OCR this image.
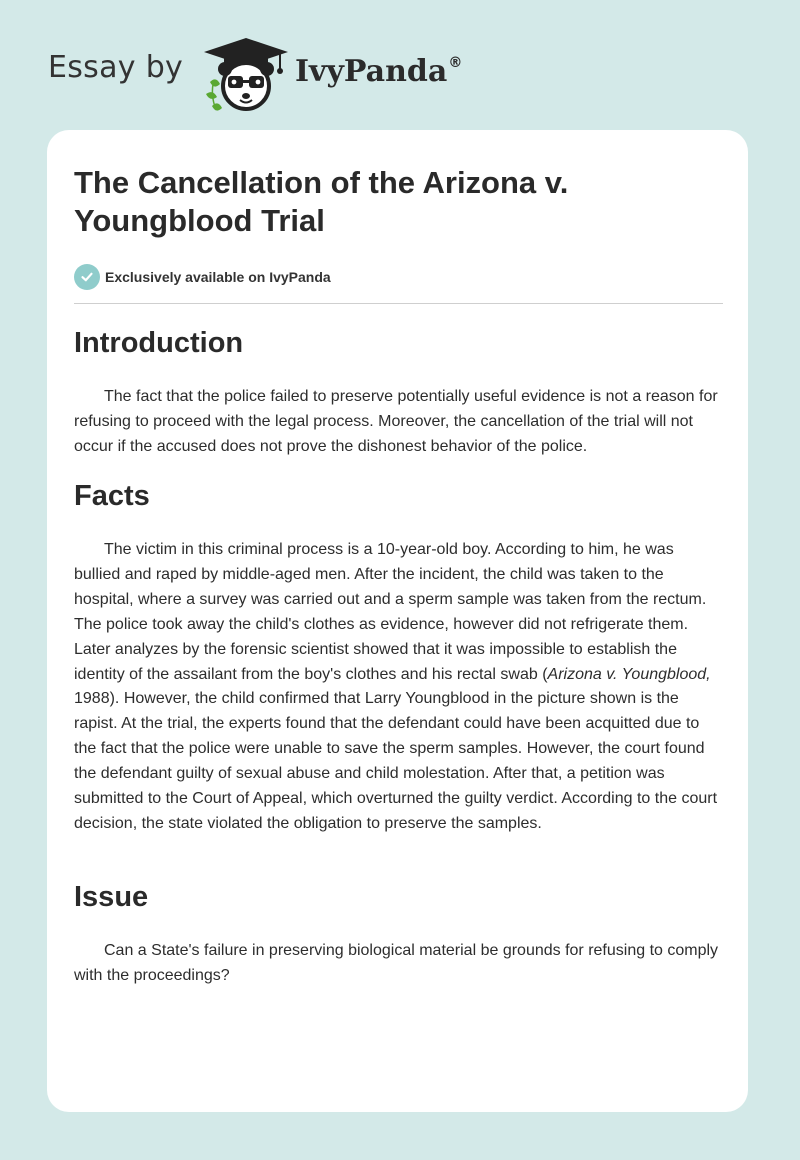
Essay by	IvyPanda®
The Cancellation of the Arizona v. Youngblood Trial
Exclusively available on IvyPanda
Introduction

The fact that the police failed to preserve potentially useful evidence is not a reason for refusing to proceed with the legal process. Moreover, the cancellation of the trial will not occur if the accused does not prove the dishonest behavior of the police.

Facts

The victim in this criminal process is a 10-year-old boy. According to him, he was bullied and raped by middle-aged men. After the incident, the child was taken to the hospital, where a survey was carried out and a sperm sample was taken from the rectum. The police took away the child's clothes as evidence, however did not refrigerate them. Later analyzes by the forensic scientist showed that it was impossible to establish the identity of the assailant from the boy's clothes and his rectal swab (Arizona v. Youngblood, 1988). However, the child confirmed that Larry Youngblood in the picture shown is the rapist. At the trial, the experts found that the defendant could have been acquitted due to the fact that the police were unable to save the sperm samples. However, the court found the defendant guilty of sexual abuse and child molestation. After that, a petition was submitted to the Court of Appeal, which overturned the guilty verdict. According to the court decision, the state violated the obligation to preserve the samples.

Issue

Can a State's failure in preserving biological material be grounds for refusing to comply with the proceedings?
